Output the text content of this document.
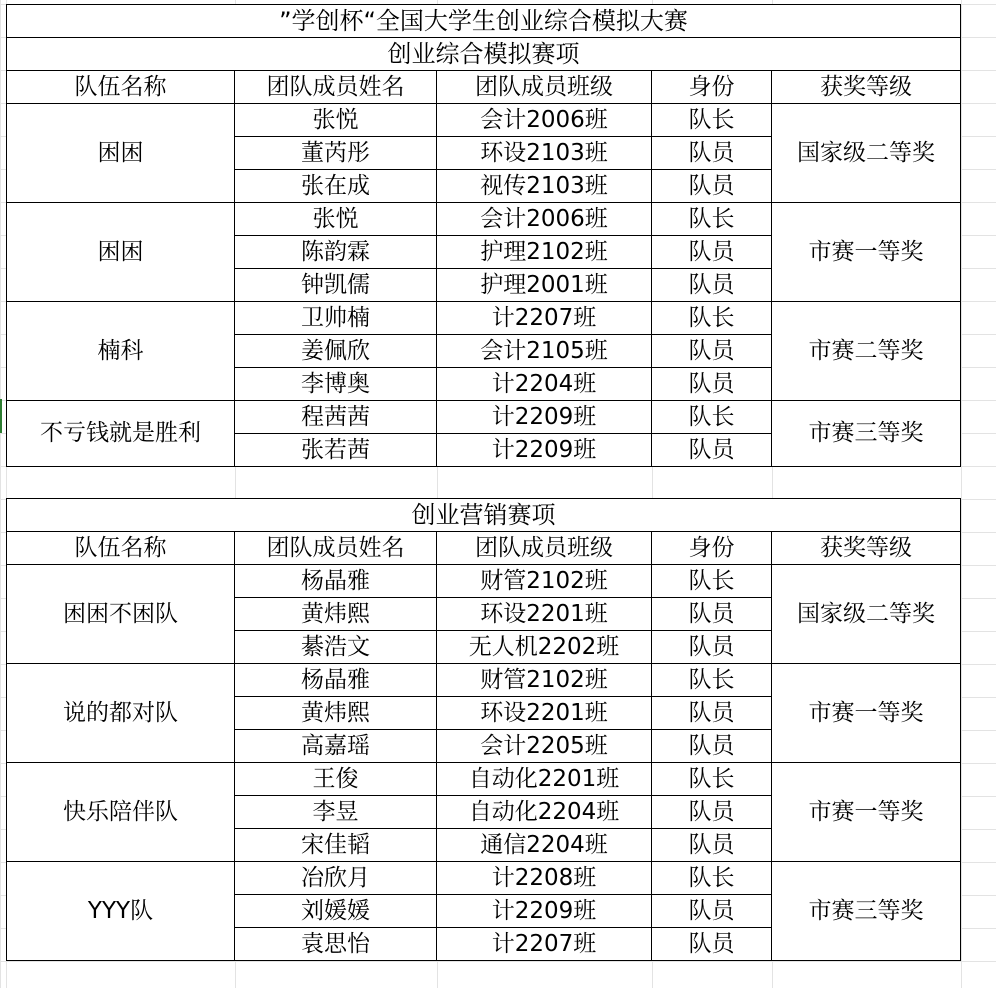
”学创杯“全国大学生创业综合模拟大赛				
创业综合模拟赛项				
队伍名称	团队成员姓名	团队成员班级	身份	获奖等级
困困	张悦	会计2006班	队长	国家级二等奖
	董芮彤	环设2103班	队员	
	张在成	视传2103班	队员	
困困	张悦	会计2006班	队长	市赛一等奖
	陈韵霖	护理2102班	队员	
	钟凯儒	护理2001班	队员	
楠科	卫帅楠	计2207班	队长	市赛二等奖
	姜佩欣	会计2105班	队员	
	李博奥	计2204班	队员	
不亏钱就是胜利	程茜茜	计2209班	队长	市赛三等奖
	张若茜	计2209班	队员	
创业营销赛项				
队伍名称	团队成员姓名	团队成员班级	身份	获奖等级
困困不困队	杨晶雅	财管2102班	队长	国家级二等奖
	黄炜熙	环设2201班	队员	
	綦浩文	无人机2202班	队员	
说的都对队	杨晶雅	财管2102班	队长	市赛一等奖
	黄炜熙	环设2201班	队员	
	高嘉瑶	会计2205班	队员	
快乐陪伴队	王俊	自动化2201班	队长	市赛一等奖
	李昱	自动化2204班	队员	
	宋佳韬	通信2204班	队员	
YYY队	冶欣月	计2208班	队长	市赛三等奖
	刘媛媛	计2209班	队员	
	袁思怡	计2207班	队员	
